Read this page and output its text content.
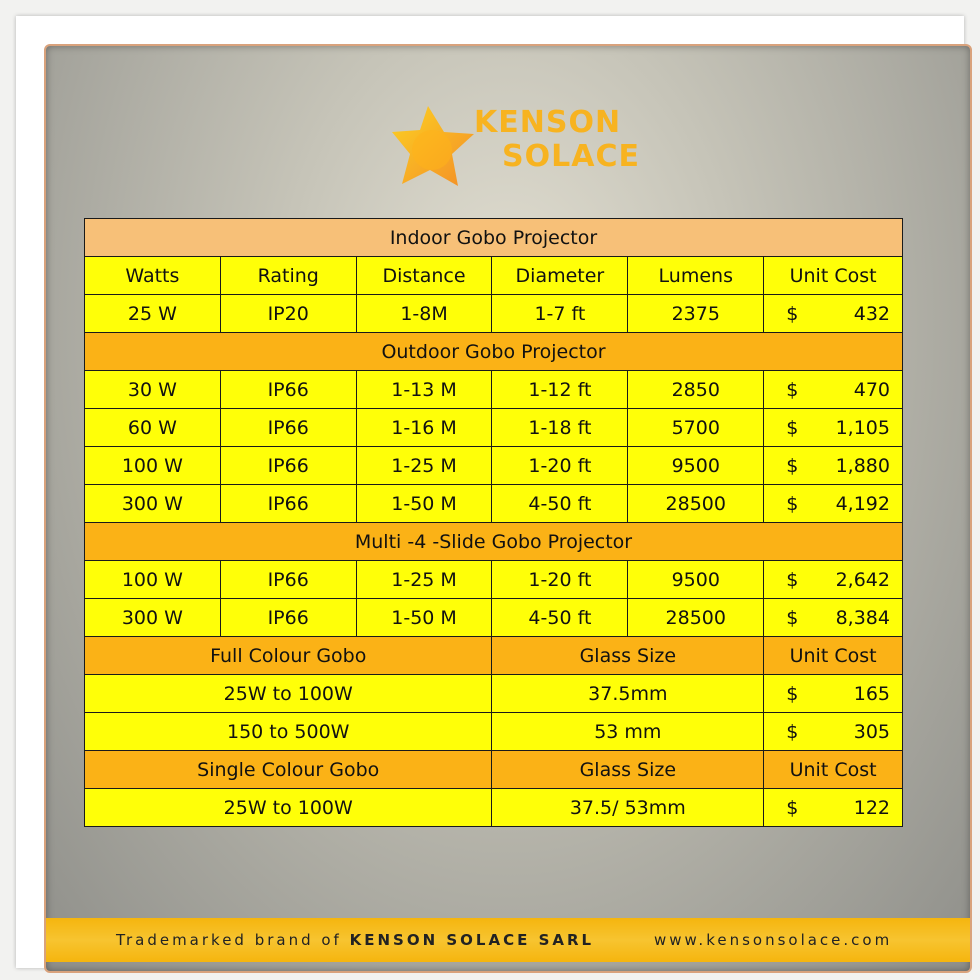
KENSON
SOLACE
Trademarked brand of KENSON SOLACE SARL	www.kensonsolace.com
Indoor Gobo Projector					
Watts	Rating	Distance	Diameter	Lumens	Unit Cost
25 W	IP20	1-8M	1-7 ft	2375	$ 432

Outdoor Gobo Projector					
30 W	IP66	1-13 M	1-12 ft	2850	$ 470

60 W	IP66	1-16 M	1-18 ft	5700	$ 1,105

100 W	IP66	1-25 M	1-20 ft	9500	$ 1,880

300 W	IP66	1-50 M	4-50 ft	28500	$ 4,192

Multi -4 -Slide Gobo Projector					
100 W	IP66	1-25 M	1-20 ft	9500	$ 2,642

300 W	IP66	1-50 M	4-50 ft	28500	$ 8,384

Full Colour Gobo			Glass Size		Unit Cost
25W to 100W			37.5mm		$ 165

150 to 500W			53 mm		$ 305

Single Colour Gobo			Glass Size		Unit Cost
25W to 100W			37.5/ 53mm		$ 122
